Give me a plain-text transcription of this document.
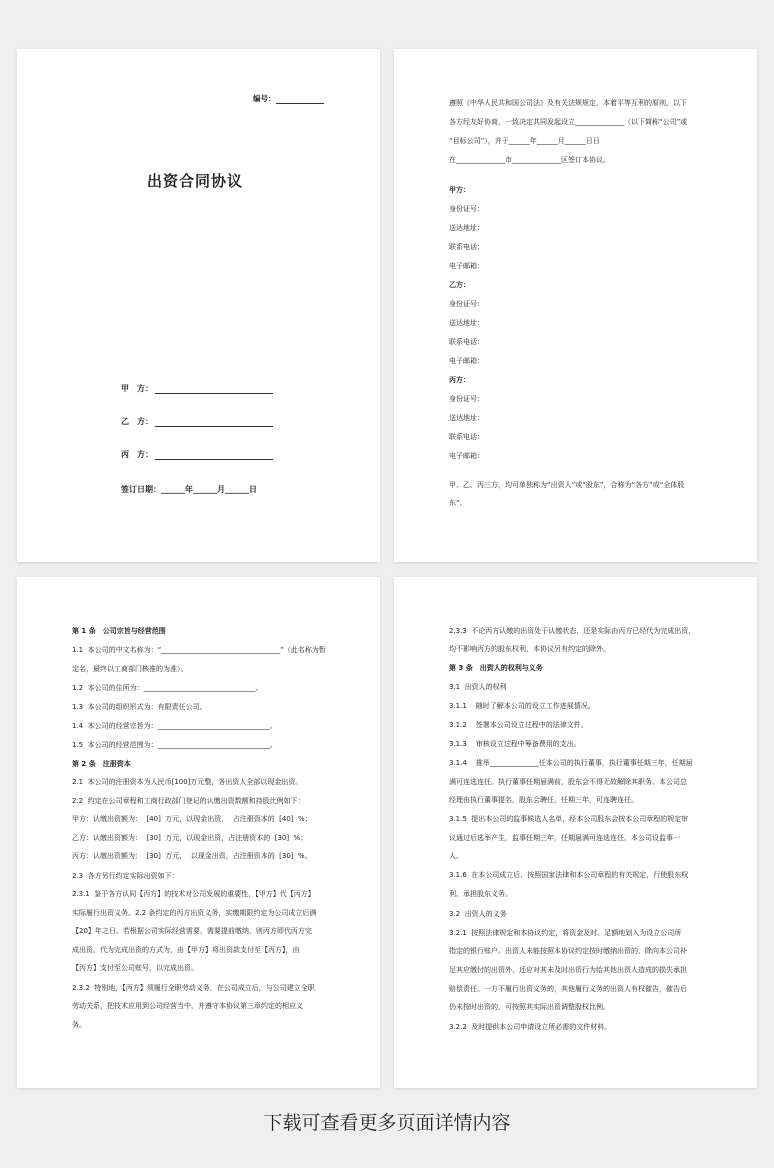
编号：
出资合同协议
甲　方：
乙　方：
丙　方：
签订日期：______年______月______日
遵照《中华人民共和国公司法》及有关法规规定，本着平等互利的原则，以下
各方经友好协商，一致决定共同发起设立______________（以下简称“公司”或
“目标公司”），并于______年______月______日日
在______________市______________区签订本协议。
甲方：
身份证号：
送达地址：
联系电话：
电子邮箱：
乙方：
身份证号：
送达地址：
联系电话：
电子邮箱：
丙方：
身份证号：
送达地址：
联系电话：
电子邮箱：
甲、乙、丙三方，均可单独称为“出资人”或“股东”，合称为“各方”或“全体股
东”。
第 1 条　公司宗旨与经营范围
1.1  本公司的中文名称为：“__________________________________”（此名称为暂
定名，最终以工商部门核准的为准）。
1.2  本公司的住所为：________________________________。
1.3  本公司的组织形式为：有限责任公司。
1.4  本公司的经营宗旨为：________________________________。
1.5  本公司的经营范围为：________________________________。
第 2 条　注册资本
2.1  本公司的注册资本为人民币[100]万元整，各出资人全部以现金出资。
2.2  约定在公司章程和工商行政部门登记的认缴出资数额和持股比例如下：
甲方：认缴出资额为：  [40]  万元，以现金出资，  占注册资本的  [40]  %；
乙方：认缴出资额为：  [30]  万元，以现金出资，占注册资本的  [30]  %；
丙方：认缴出资额为：  [30]  万元，  以现金出资，占注册资本的  [30]  %。
2.3  各方另行约定实际出资如下：
2.3.1  鉴于各方认同【丙方】的技术对公司发展的重要性，【甲方】代【丙方】
实际履行出资义务。2.2 条约定的丙方出资义务，实缴期限约定为公司成立后满
【20】年之日。若根据公司实际经营需要，需要提前缴纳，则丙方即代丙方完
成出资。代为完成出资的方式为，由【甲方】将出资款支付至【丙方】，由
【丙方】支付至公司账号，以完成出资。
2.3.2  特别地，【丙方】须履行全职劳动义务，在公司成立后，与公司建立全职
劳动关系，把技术应用到公司经营当中，并遵守本协议第三章约定的相应义
务。
2.3.3  不论丙方认缴的出资处于认缴状态，还是实际由丙方已经代为完成出资，
均不影响丙方的股东权利，本协议另有约定的除外。
第 3 条　出资人的权利与义务
3.1  出资人的权利
3.1.1    随时了解本公司的设立工作进展情况。
3.1.2    签署本公司设立过程中的法律文件。
3.1.3    审核设立过程中筹备费用的支出。
3.1.4    推举______________任本公司的执行董事，执行董事任期三年，任期届
满可连选连任。执行董事任期届满前，股东会不得无故解除其职务。本公司总
经理由执行董事提名，股东会聘任，任期三年，可连聘连任。
3.1.5  提出本公司的监事候选人名单，经本公司股东会按本公司章程的规定审
议通过后选举产生，监事任期三年，任期届满可连选连任。本公司设监事一
人。
3.1.6  在本公司成立后，按照国家法律和本公司章程的有关规定，行使股东权
利、承担股东义务。
3.2  出资人的义务
3.2.1  按照法律规定和本协议约定，将资金及时、足额地划入为设立公司所
指定的银行账户。出资人未能按照本协议约定按时缴纳出资的，除向本公司补
足其应缴付的出资外，还应对其未及时出资行为给其他出资人造成的损失承担
赔偿责任。一方不履行出资义务的，其他履行义务的出资人有权催告，催告后
仍未按时出资的，可按照其实际出资调整股权比例。
3.2.2  及时提供本公司申请设立所必需的文件材料。
下载可查看更多页面详情内容
